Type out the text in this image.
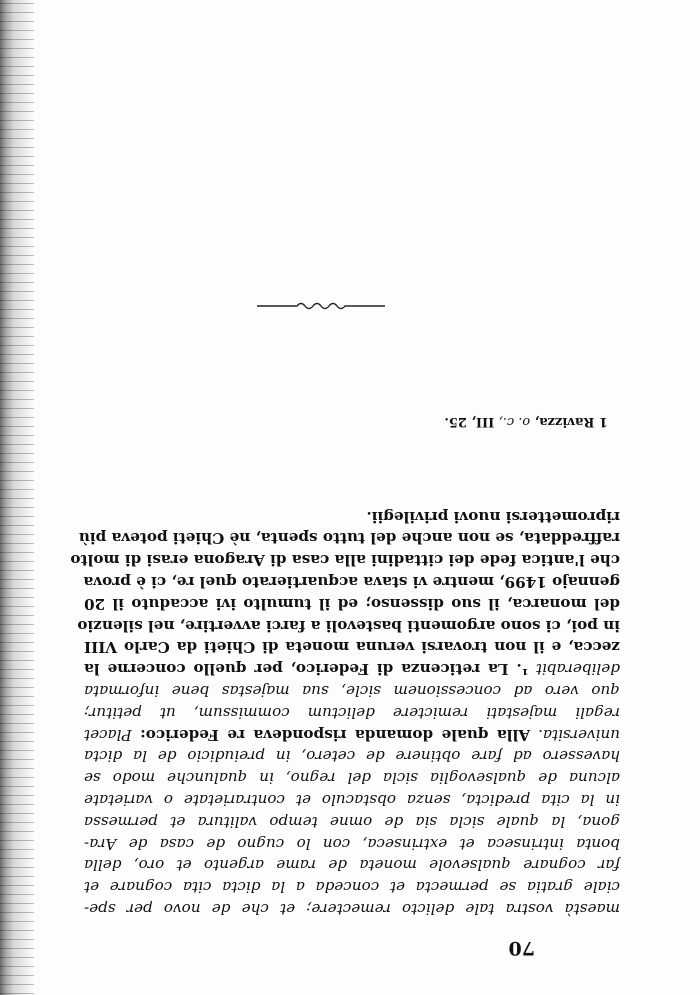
70
maestà vostra tale delicto remectere; et che de novo per spe-
ciale gratia se permecta et conceda a la dicta cita cognare et
far cognare qualsevole moneta de rame argento et oro, della
bonta intrinseca et extrinseca, con lo cugno de casa de Ara-
gona, la quale sicla sia de omne tempo valitura et permessa
in la cita predicta, senza obstaculo et contrarietate o varietate
alcuna de qualsevoglia sicla del regno, in qualunche modo se
havessero ad fare obtinere de cetero, in preiudicio de la dicta
universita. Alla quale domanda rispondeva re Federico: Placet
regali majestati remictere delictum commissum, ut petitur;
quo vero ad concessionem sicle, sua majestas bene informata
deliberabit ¹. La reticenza di Federico, per quello concerne la
zecca, e il non trovarsi veruna moneta di Chieti da Carlo VIII
in poi, ci sono argomenti bastevoli a farci avvertire, nel silenzio
del monarca, il suo dissenso; ed il tumulto ivi accaduto il 20
gennajo 1499, mentre vi stava acquartierato quel re, ci è prova
che l'antica fede dei cittadini alla casa di Aragona erasi di molto
raffreddata, se non anche del tutto spenta, nè Chieti poteva più
ripromettersi nuovi privilegii.
1 Ravizza, o. c., III, 25.
